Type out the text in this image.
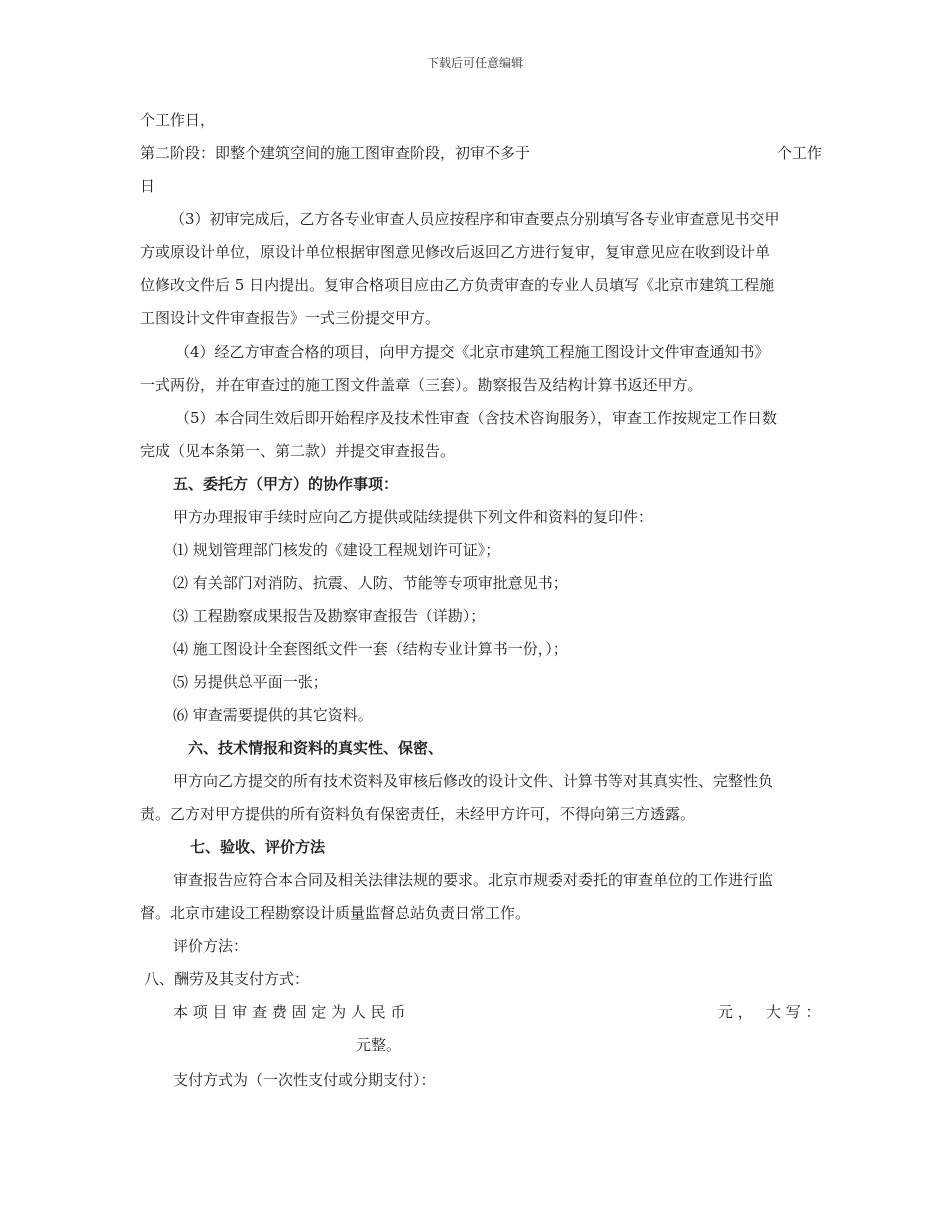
下载后可任意编辑
个工作日，
第二阶段：即整个建筑空间的施工图审查阶段，初审不多于	个工作
日
（3）初审完成后，乙方各专业审查人员应按程序和审查要点分别填写各专业审查意见书交甲
方或原设计单位，原设计单位根据审图意见修改后返回乙方进行复审，复审意见应在收到设计单
位修改文件后 5 日内提出。复审合格项目应由乙方负责审查的专业人员填写《北京市建筑工程施
工图设计文件审查报告》一式三份提交甲方。
（4）经乙方审查合格的项目，向甲方提交《北京市建筑工程施工图设计文件审查通知书》
一式两份，并在审查过的施工图文件盖章（三套）。勘察报告及结构计算书返还甲方。
（5）本合同生效后即开始程序及技术性审查（含技术咨询服务），审查工作按规定工作日数
完成（见本条第一、第二款）并提交审查报告。
五、委托方（甲方）的协作事项：
甲方办理报审手续时应向乙方提供或陆续提供下列文件和资料的复印件：
⑴ 规划管理部门核发的《建设工程规划许可证》；
⑵ 有关部门对消防、抗震、人防、节能等专项审批意见书；
⑶ 工程勘察成果报告及勘察审查报告（详勘）；
⑷ 施工图设计全套图纸文件一套（结构专业计算书一份，）；
⑸ 另提供总平面一张；
⑹ 审查需要提供的其它资料。
六、技术情报和资料的真实性、保密、
甲方向乙方提交的所有技术资料及审核后修改的设计文件、计算书等对其真实性、完整性负
责。乙方对甲方提供的所有资料负有保密责任，未经甲方许可，不得向第三方透露。
七、验收、评价方法
审查报告应符合本合同及相关法律法规的要求。北京市规委对委托的审查单位的工作进行监
督。北京市建设工程勘察设计质量监督总站负责日常工作。
评价方法：
八、酬劳及其支付方式：
本 项 目 审 查 费 固 定 为 人 民 币	元 ， 大 写 ：
元整。
支付方式为（一次性支付或分期支付）：
